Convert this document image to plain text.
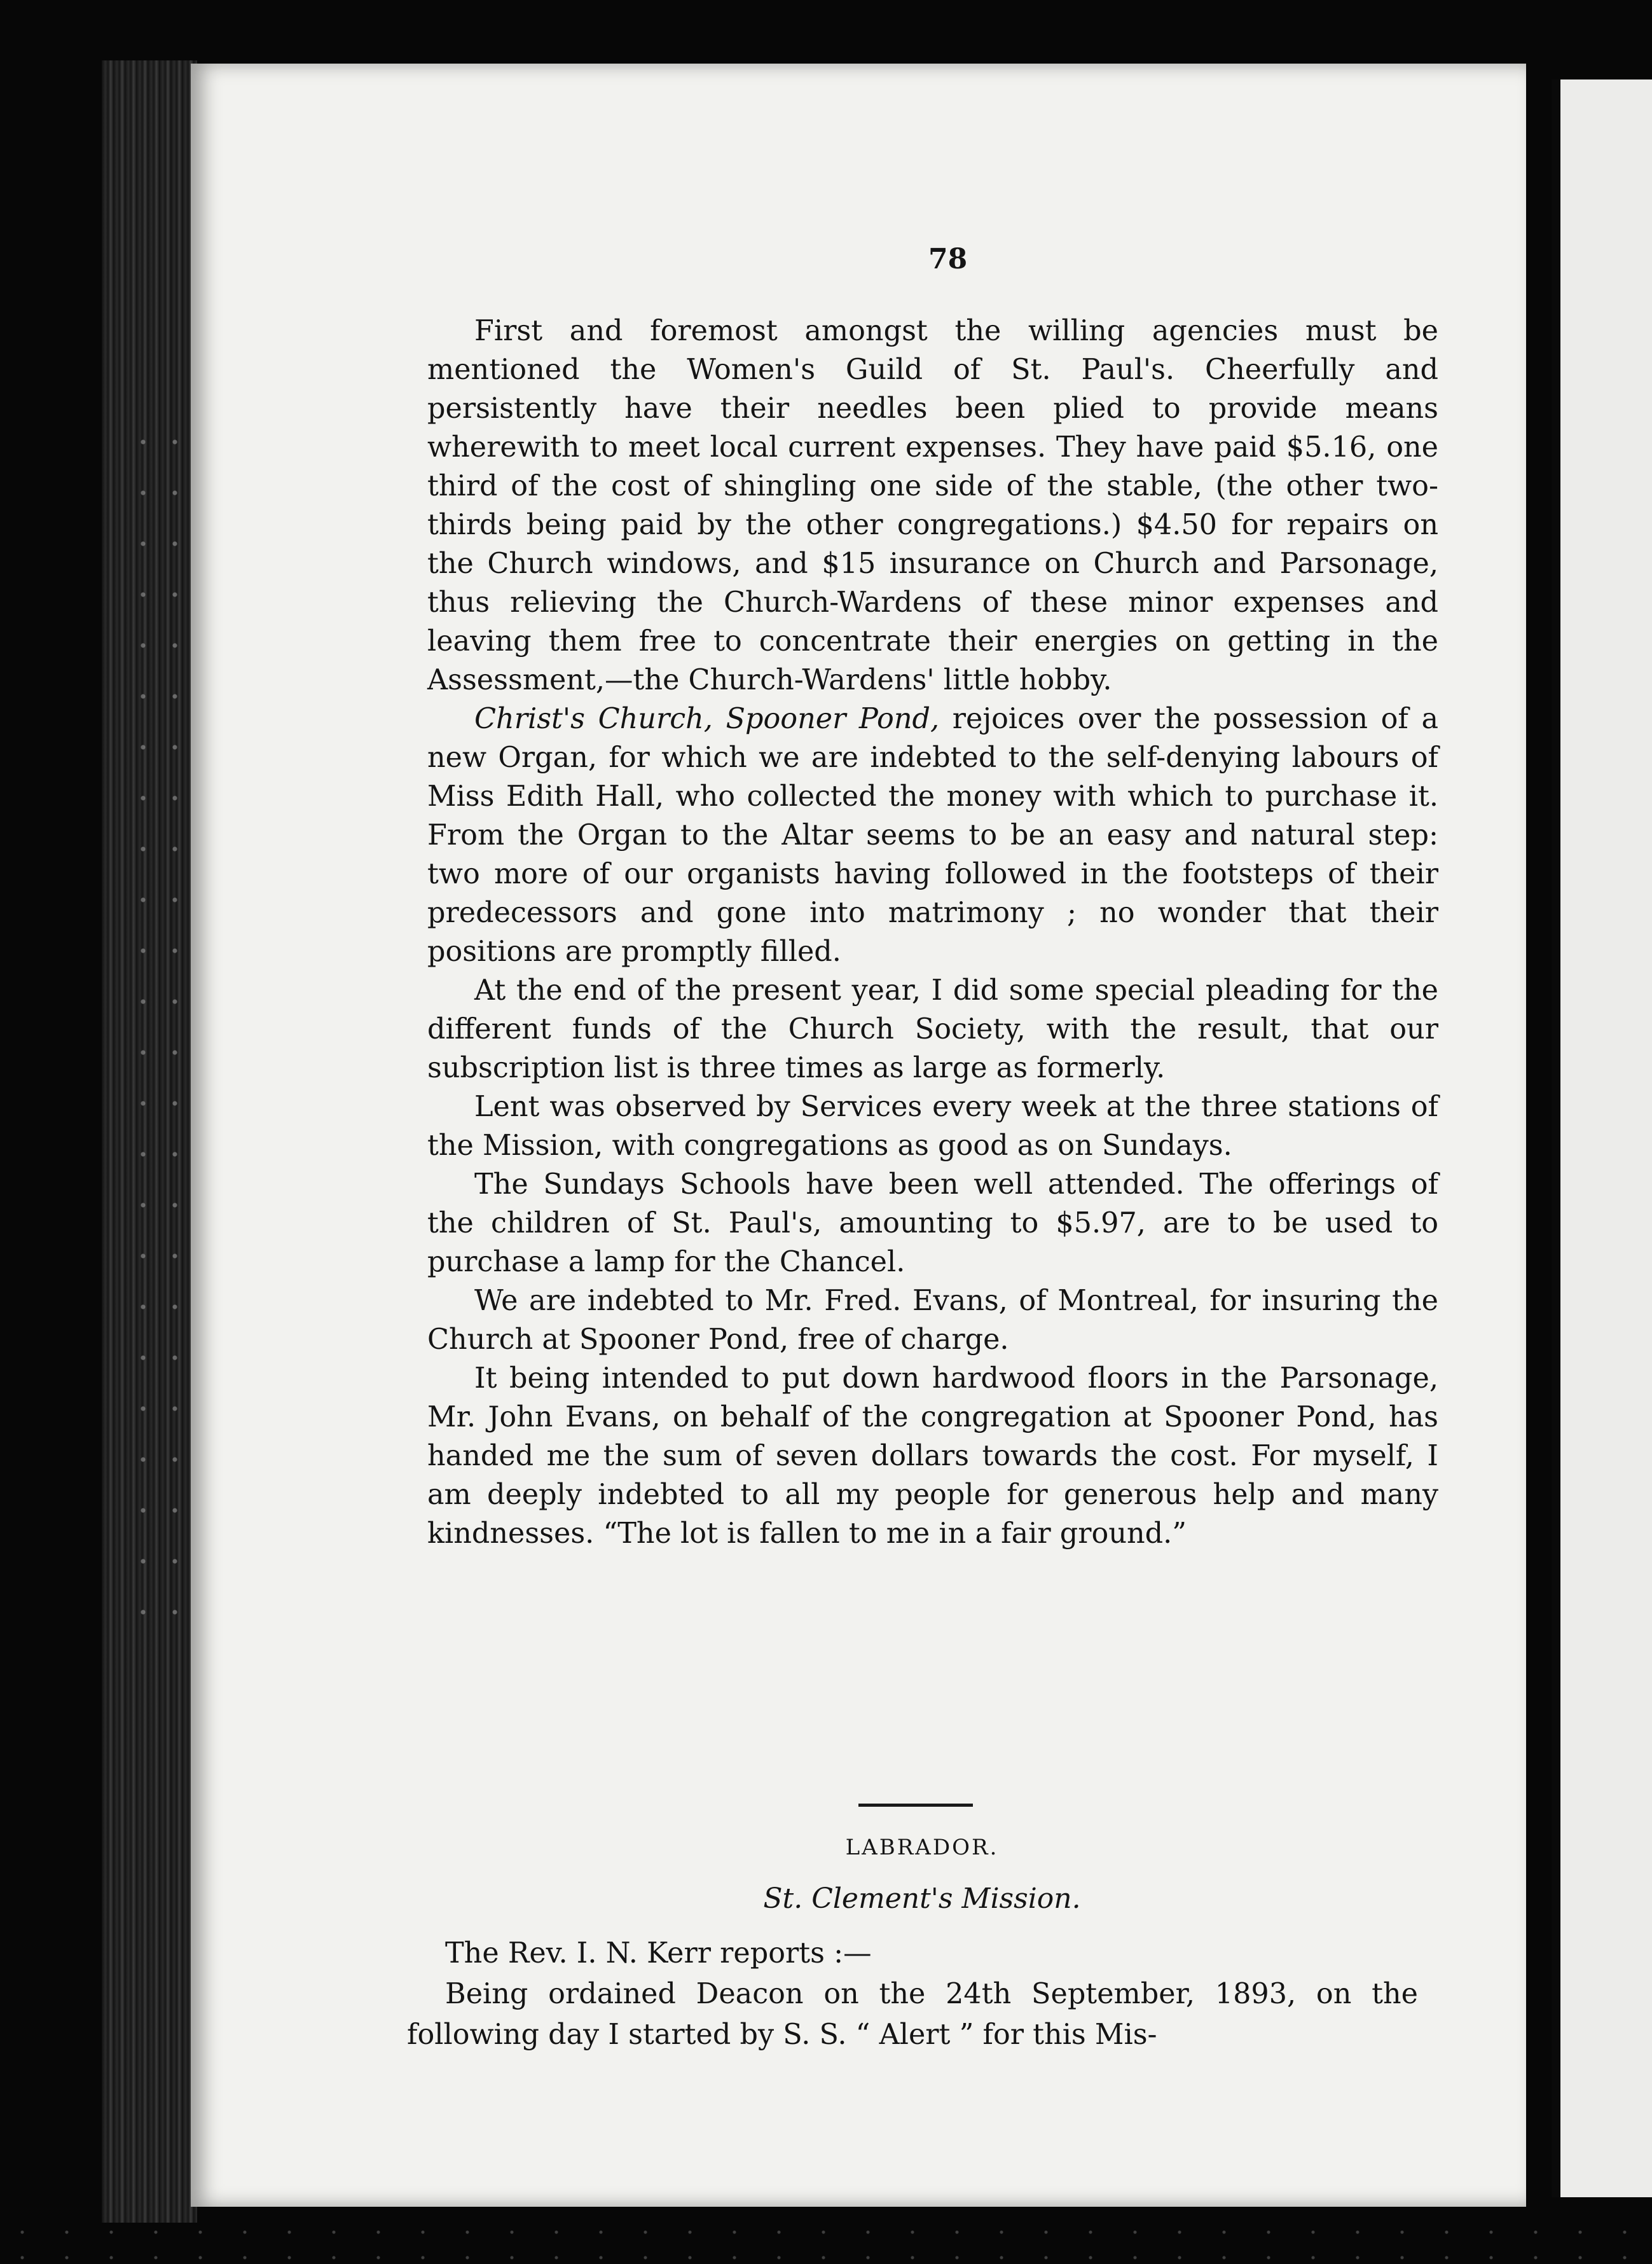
78

First and foremost amongst the willing agencies must be mentioned the Women's Guild of St. Paul's. Cheerfully and persistently have their needles been plied to provide means wherewith to meet local current expenses. They have paid $5.16, one third of the cost of shingling one side of the stable, (the other two-thirds being paid by the other congregations.) $4.50 for repairs on the Church windows, and $15 insurance on Church and Parsonage, thus relieving the Church-Wardens of these minor expenses and leaving them free to concentrate their energies on getting in the Assessment,—the Church-Wardens' little hobby.

Christ's Church, Spooner Pond, rejoices over the possession of a new Organ, for which we are indebted to the self-denying labours of Miss Edith Hall, who collected the money with which to purchase it. From the Organ to the Altar seems to be an easy and natural step: two more of our organists having followed in the footsteps of their predecessors and gone into matrimony ; no wonder that their positions are promptly filled.

At the end of the present year, I did some special pleading for the different funds of the Church Society, with the result, that our subscription list is three times as large as formerly.

Lent was observed by Services every week at the three stations of the Mission, with congregations as good as on Sundays.

The Sundays Schools have been well attended. The offerings of the children of St. Paul's, amounting to $5.97, are to be used to purchase a lamp for the Chancel.

We are indebted to Mr. Fred. Evans, of Montreal, for insuring the Church at Spooner Pond, free of charge.

It being intended to put down hardwood floors in the Parsonage, Mr. John Evans, on behalf of the congregation at Spooner Pond, has handed me the sum of seven dollars towards the cost. For myself, I am deeply indebted to all my people for generous help and many kindnesses. “The lot is fallen to me in a fair ground.”

LABRADOR.
St. Clement's Mission.

The Rev. I. N. Kerr reports :—

Being ordained Deacon on the 24th September, 1893, on the following day I started by S. S. “ Alert ” for this Mis-
